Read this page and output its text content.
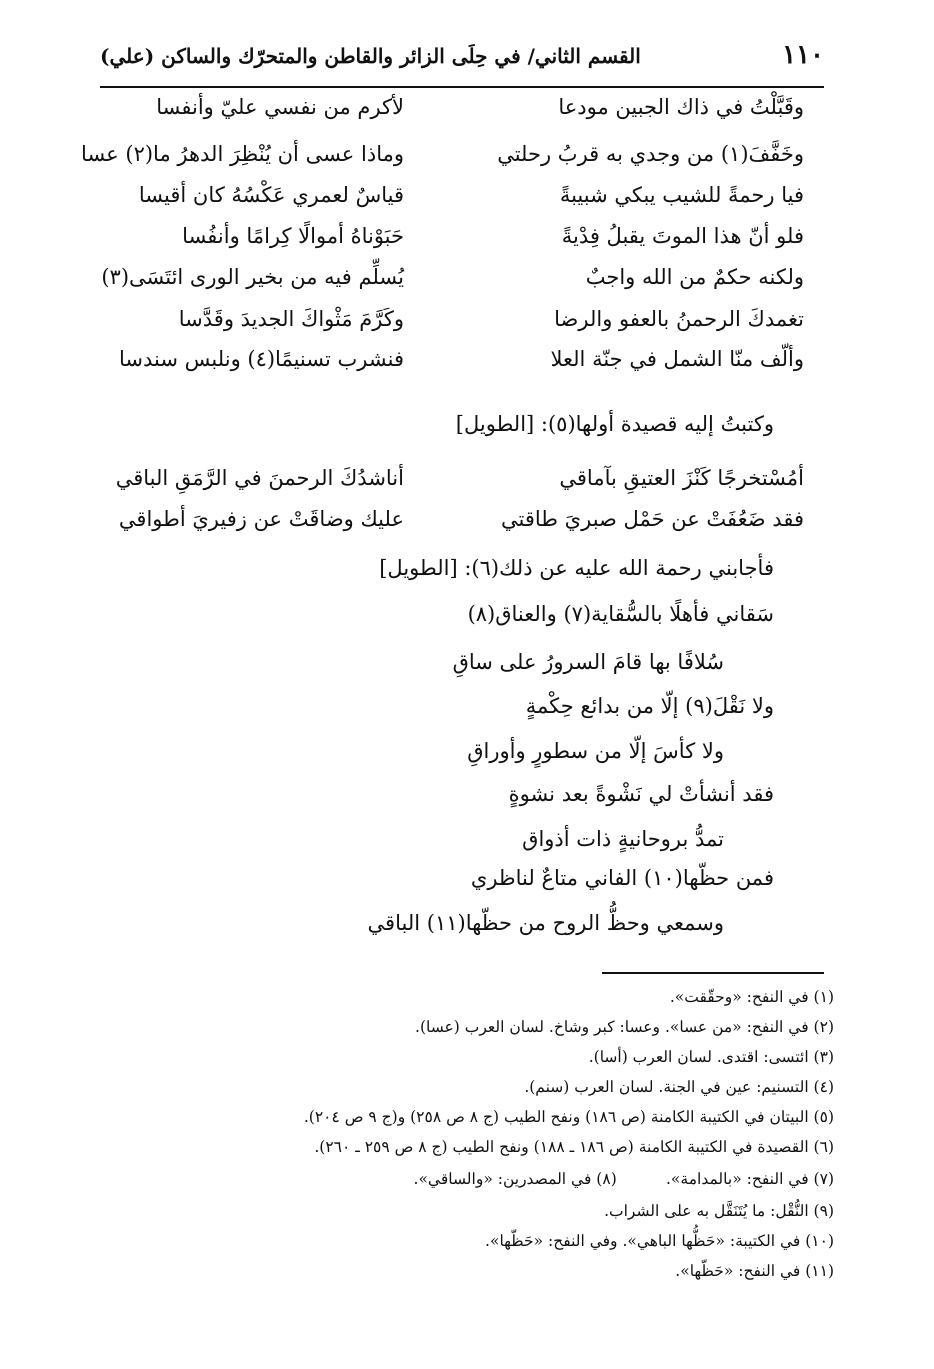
١١٠
القسم الثاني/ في حِلَى الزائر والقاطن والمتحرّك والساكن (علي)
وقَبَّلْتُ في ذاك الجبين مودعا
لأكرم من نفسي عليّ وأنفسا
وخَفَّفَ(١) من وجدي به قربُ رحلتي
وماذا عسى أن يُنْظِرَ الدهرُ ما(٢) عسا
فيا رحمةً للشيب يبكي شبيبةً
قياسٌ لعمري عَكْسُهُ كان أقيسا
فلو أنّ هذا الموتَ يقبلُ فِدْيةً
حَبَوْناهُ أموالًا كِرامًا وأنفُسا
ولكنه حكمٌ من الله واجبٌ
يُسلِّم فيه من بخير الورى ائتَسَى(٣)
تغمدكَ الرحمنُ بالعفو والرضا
وكَرَّمَ مَثْواكَ الجديدَ وقَدَّسا
وألّف منّا الشمل في جنّة العلا
فنشرب تسنيمًا(٤) ونلبس سندسا
وكتبتُ إليه قصيدة أولها(٥): [الطويل]
أمُسْتخرجًا كَنْزَ العتيقِ بآماقي
أناشدُكَ الرحمنَ في الرَّمَقِ الباقي
فقد ضَعُفَتْ عن حَمْل صبريَ طاقتي
عليك وضاقَتْ عن زفيريَ أطواقي
فأجابني رحمة الله عليه عن ذلك(٦): [الطويل]
سَقاني فأهلًا بالسُّقاية(٧) والعناق(٨)
سُلافًا بها قامَ السرورُ على ساقِ
ولا نَقْلَ(٩) إلّا من بدائع حِكْمةٍ
ولا كأسَ إلّا من سطورٍ وأوراقِ
فقد أنشأتْ لي نَشْوةً بعد نشوةٍ
تمدُّ بروحانيةٍ ذات أذواق
فمن حظّها(١٠) الفاني متاعٌ لناظري
وسمعي وحظُّ الروح من حظّها(١١) الباقي
(١) في النفح: «وحقّقت».
(٢) في النفح: «من عسا». وعسا: كبر وشاخ. لسان العرب (عسا).
(٣) ائتسى: اقتدى. لسان العرب (أسا).
(٤) التسنيم: عين في الجنة. لسان العرب (سنم).
(٥) البيتان في الكتيبة الكامنة (ص ١٨٦) ونفح الطيب (ج ٨ ص ٢٥٨) و(ج ٩ ص ٢٠٤).
(٦) القصيدة في الكتيبة الكامنة (ص ١٨٦ ـ ١٨٨) ونفح الطيب (ج ٨ ص ٢٥٩ ـ ٢٦٠).
(٧) في النفح: «بالمدامة».          (٨) في المصدرين: «والساقي».
(٩) النُّقْل: ما يُتَنَقَّل به على الشراب.
(١٠) في الكتيبة: «حَظُّها الباهي». وفي النفح: «حَظّها».
(١١) في النفح: «حَظّها».
